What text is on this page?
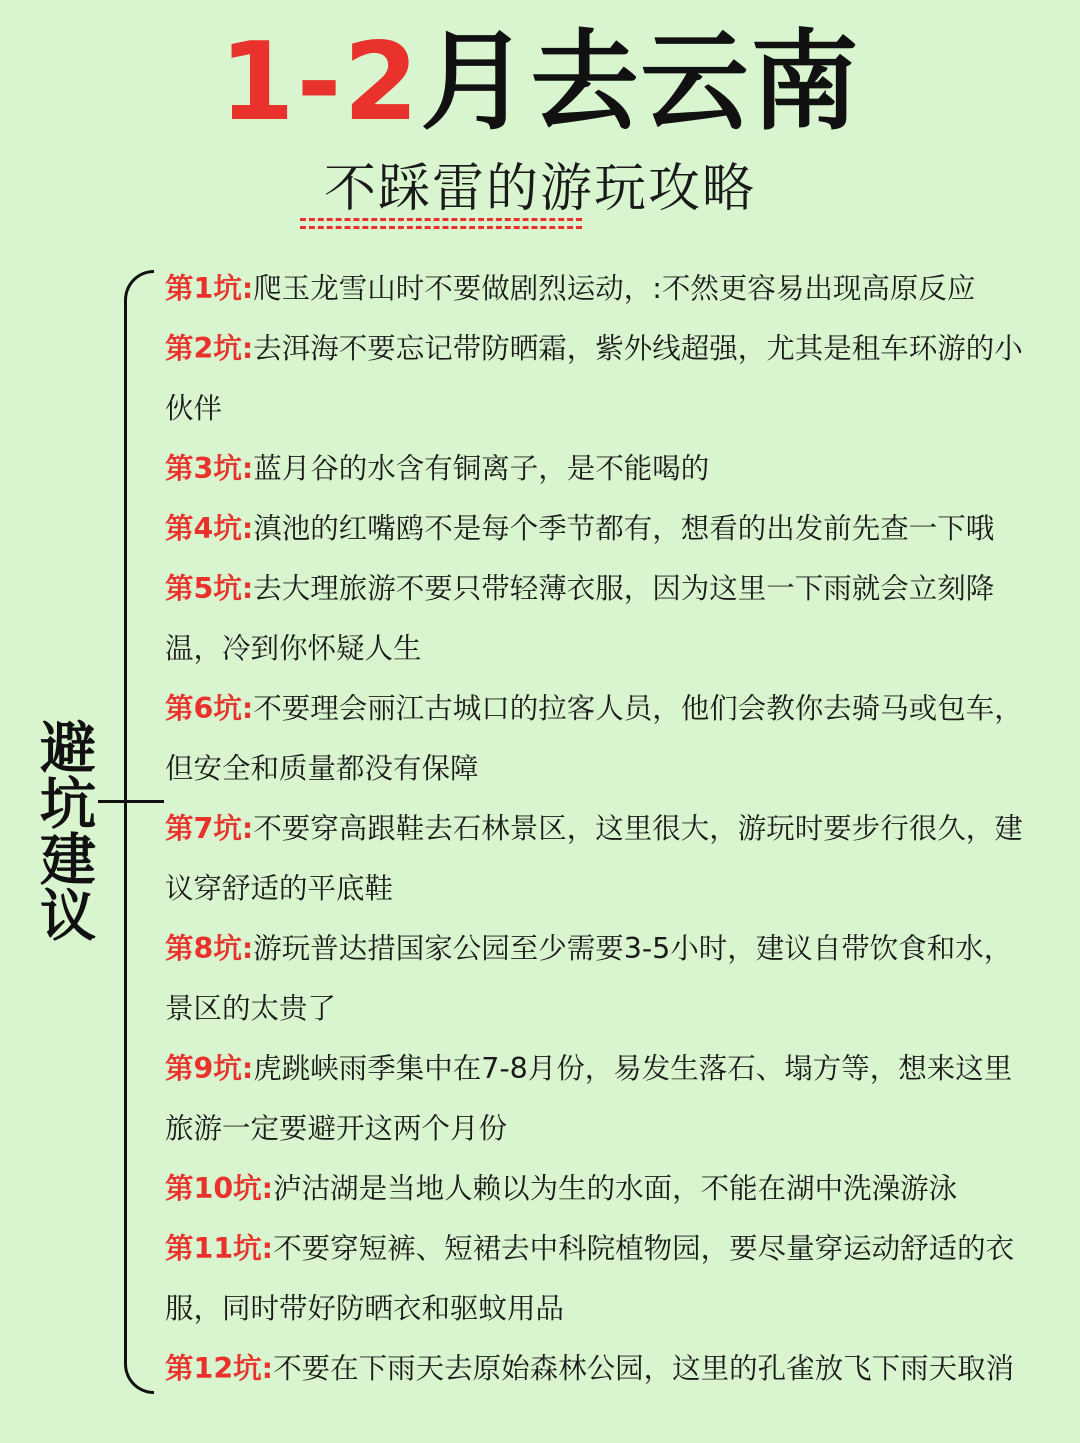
1-2月去云南
不踩雷的游玩攻略
避坑建议
第1坑:爬玉龙雪山时不要做剧烈运动，:不然更容易出现高原反应
第2坑:去洱海不要忘记带防晒霜，紫外线超强，尤其是租车环游的小
伙伴
第3坑:蓝月谷的水含有铜离子，是不能喝的
第4坑:滇池的红嘴鸥不是每个季节都有，想看的出发前先查一下哦
第5坑:去大理旅游不要只带轻薄衣服，因为这里一下雨就会立刻降
温，冷到你怀疑人生
第6坑:不要理会丽江古城口的拉客人员，他们会教你去骑马或包车，
但安全和质量都没有保障
第7坑:不要穿高跟鞋去石林景区，这里很大，游玩时要步行很久，建
议穿舒适的平底鞋
第8坑:游玩普达措国家公园至少需要3-5小时，建议自带饮食和水，
景区的太贵了
第9坑:虎跳峡雨季集中在7-8月份，易发生落石、塌方等，想来这里
旅游一定要避开这两个月份
第10坑:泸沽湖是当地人赖以为生的水面，不能在湖中洗澡游泳
第11坑:不要穿短裤、短裙去中科院植物园，要尽量穿运动舒适的衣
服，同时带好防晒衣和驱蚊用品
第12坑:不要在下雨天去原始森林公园，这里的孔雀放飞下雨天取消
